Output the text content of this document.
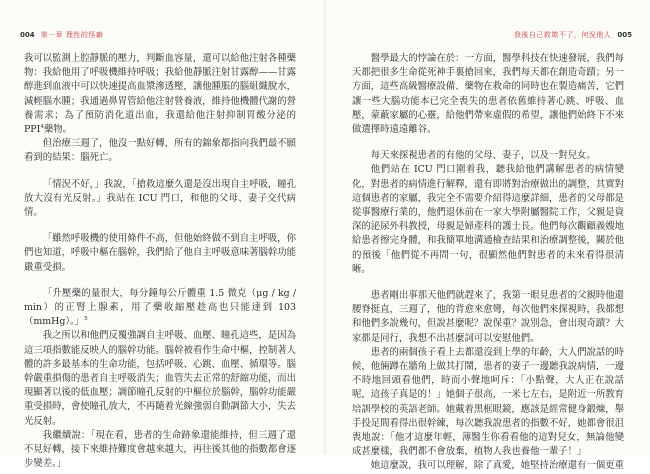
004 第一章 理性的怪癖

我可以監測上腔靜脈的壓力，判斷血容量，還可以給他注射各種藥物：我給他用了呼吸機維持呼吸；我給他靜脈注射甘露醇——甘露醇進到血液中可以快速提高血漿滲透壓，讓他腫脹的腦組織脫水，減輕腦水腫；我通過鼻胃管給他注射營養液，維持他機體代謝的營養需求；為了預防消化道出血，我還給他注射抑制胃酸分泌的 PPI$^4$藥物。

但治療三週了，他沒一點好轉，所有的錦象都指向我們最不願看到的結果：腦死亡。

「情況不好，」我說，「搶救這麼久還是沒出現自主呼吸，瞳孔放大沒有光反射。」我站在 ICU 門口，和他的父母、妻子交代病情。

「雖然呼吸機的使用條件不高，但他始終做不到自主呼吸，你們也知道，呼吸中樞在腦幹，我們給了他自主呼吸意味著腦幹功能嚴重受損。

「升壓藥的量很大，每分鐘每公斤體重 1.5 微克（μg / kg / min）的正腎上腺素，用了藥收縮壓趁高也只能達到 103（mmHg）。」$^5$

我之所以和他們反覆強調自主呼吸、血壓、瞳孔這些，是因為這三項指數能反映人的腦幹功能。腦幹被看作生命中樞，控制著人體的許多最基本的生命功能，包括呼吸、心跳、血壓、循環等。腦幹嚴重損傷的患者自主呼吸消失；血管失去正常的舒縮功能，而出現顯著以後的低血壓；調節瞳孔反射的中樞位於腦幹，腦幹功能嚴重受損時，會使瞳孔放大，不再隨着光線強弱自動調節大小，失去光反射。

我繼續說：「現在看，患者的生命跡象還能維持，但三週了還不見好轉，接下來維持難度會越來越大，再往後其他的指數都會逐步變差。」

我後自己救欺不了，何況他人 005

醫學最大的悖論在於：一方面，醫學科技在快速發展，我們每天都把很多生命從死神手裏搶回來，我們每天都在創造奇蹟；另一方面，這些高級醫療設備、藥物在救命的同時也在製造痛苦，它們讓一些大腦功能本已完全喪失的患者依舊維持著心跳、呼吸、血壓，蒙蔽家屬的心靈，給他們帶來虛假的希望，讓他們始終下不來做選擇時遠遠離谷。

每天來探視患者的有他的父母、妻子，以及一對兒女。

他們站在 ICU 門口圍着我，聽我給他們講解患者的病情變化，對患者的病情進行解釋，還有即將對治療做出的調整，其實對這個患者的家屬，我完全不需要介紹得這麼詳細，患者的父母都是從事醫療行業的，他們退休前在一家大學附屬醫院工作，父親是資深的泌尿外科教授，母親是婦產科的護士長。他們每次觀顧義嫂地給患者擦完身體，和我簡單地溝通檢查結果和治療調整後，關於他的預後「他們從不再問一句，很顯然他們對患者的未來看得很清晰。

患者剛出事那天他們就趕來了，我第一眼見患者的父親時他還腰脊挺直，三週了，他的背愈來愈彎，每次他們來探視時，我都想和他們多說幾句，但說甚麼呢？說保重？說別急，會出現奇蹟？大家都是同行，我想不出甚麼詞可以安慰他們。

患者的兩個孩子看上去都還沒到上學的年齡，大人們說話的時候，他倆蹲在牆角上做其打鬧，患者的妻子一邊聽我說病情，一邊不時地回頭看他們，時而小聲地呵斥：「小點聲，大人正在說話呢，這孩子真是的！」她個子很高，一米七左右，是附近一所教育培訓學校的英語老師。她戴着黑框眼鏡，應該是經常健身鍛煉，舉手投足間看得出很幹練，每次聽我說患者的指數不好，她都會很沮喪地說：「他才這麼年輕，薄醫生你看看他的這對兒女，無論他變成甚麼樣，我們都不會放棄，植物人我也養他一輩子！」

她這麼說，我可以理解，除了真愛，她堅持治療還有一個更重
